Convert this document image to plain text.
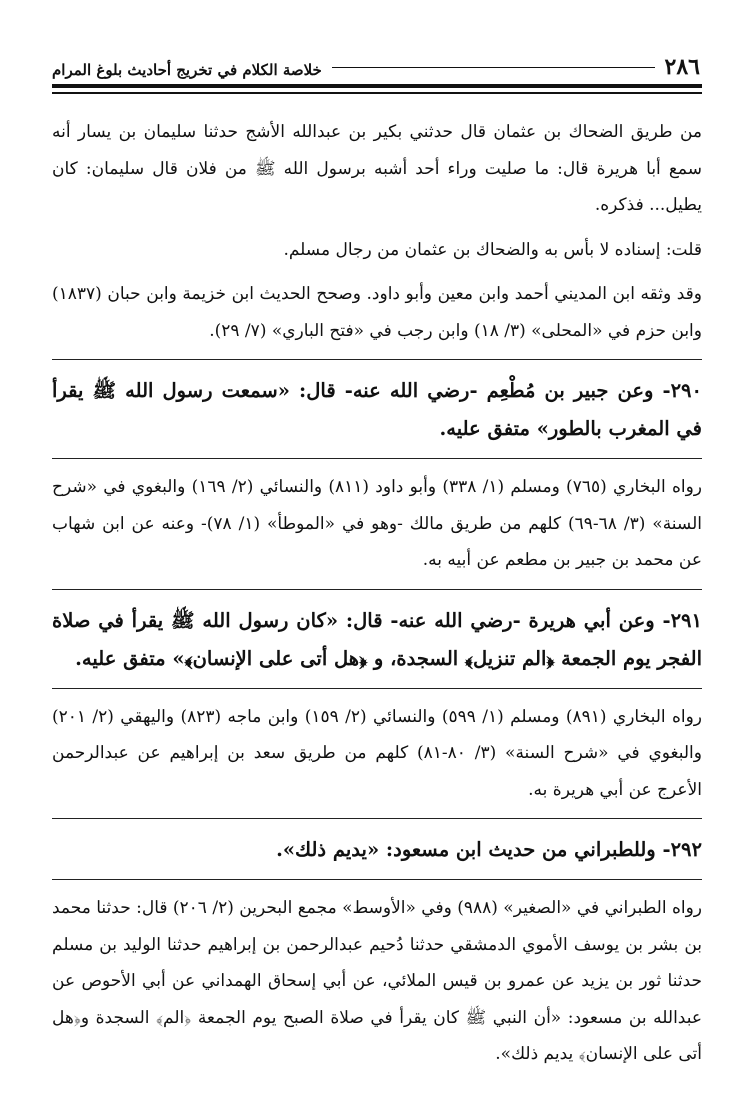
٢٨٦
خلاصة الكلام في تخريج أحاديث بلوغ المرام

من طريق الضحاك بن عثمان قال حدثني بكير بن عبدالله الأشج حدثنا سليمان بن يسار أنه سمع أبا هريرة قال: ما صليت وراء أحد أشبه برسول الله ﷺ من فلان قال سليمان: كان يطيل... فذكره.

قلت: إسناده لا بأس به والضحاك بن عثمان من رجال مسلم.

وقد وثقه ابن المديني أحمد وابن معين وأبو داود. وصحح الحديث ابن خزيمة وابن حبان (١٨٣٧) وابن حزم في «المحلى» (٣/ ١٨) وابن رجب في «فتح الباري» (٧/ ٢٩).

٢٩٠- وعن جبير بن مُطْعِم -رضي الله عنه- قال: «سمعت رسول الله ﷺ يقرأ في المغرب بالطور» متفق عليه.

رواه البخاري (٧٦٥) ومسلم (١/ ٣٣٨) وأبو داود (٨١١) والنسائي (٢/ ١٦٩) والبغوي في «شرح السنة» (٣/ ٦٨-٦٩) كلهم من طريق مالك -وهو في «الموطأ» (١/ ٧٨)- وعنه عن ابن شهاب عن محمد بن جبير بن مطعم عن أبيه به.

٢٩١- وعن أبي هريرة -رضي الله عنه- قال: «كان رسول الله ﷺ يقرأ في صلاة الفجر يوم الجمعة ﴿الم تنزيل﴾ السجدة، و ﴿هل أتى على الإنسان﴾» متفق عليه.

رواه البخاري (٨٩١) ومسلم (١/ ٥٩٩) والنسائي (٢/ ١٥٩) وابن ماجه (٨٢٣) واليهقي (٢/ ٢٠١) والبغوي في «شرح السنة» (٣/ ٨٠-٨١) كلهم من طريق سعد بن إبراهيم عن عبدالرحمن الأعرج عن أبي هريرة به.

٢٩٢- وللطبراني من حديث ابن مسعود: «يديم ذلك».

رواه الطبراني في «الصغير» (٩٨٨) وفي «الأوسط» مجمع البحرين (٢/ ٢٠٦) قال: حدثنا محمد بن بشر بن يوسف الأموي الدمشقي حدثنا دُحيم عبدالرحمن بن إبراهيم حدثنا الوليد بن مسلم حدثنا ثور بن يزيد عن عمرو بن قيس الملائي، عن أبي إسحاق الهمداني عن أبي الأحوص عن عبدالله بن مسعود: «أن النبي ﷺ كان يقرأ في صلاة الصبح يوم الجمعة ﴿الم﴾ السجدة و﴿هل أتى على الإنسان﴾ يديم ذلك».
